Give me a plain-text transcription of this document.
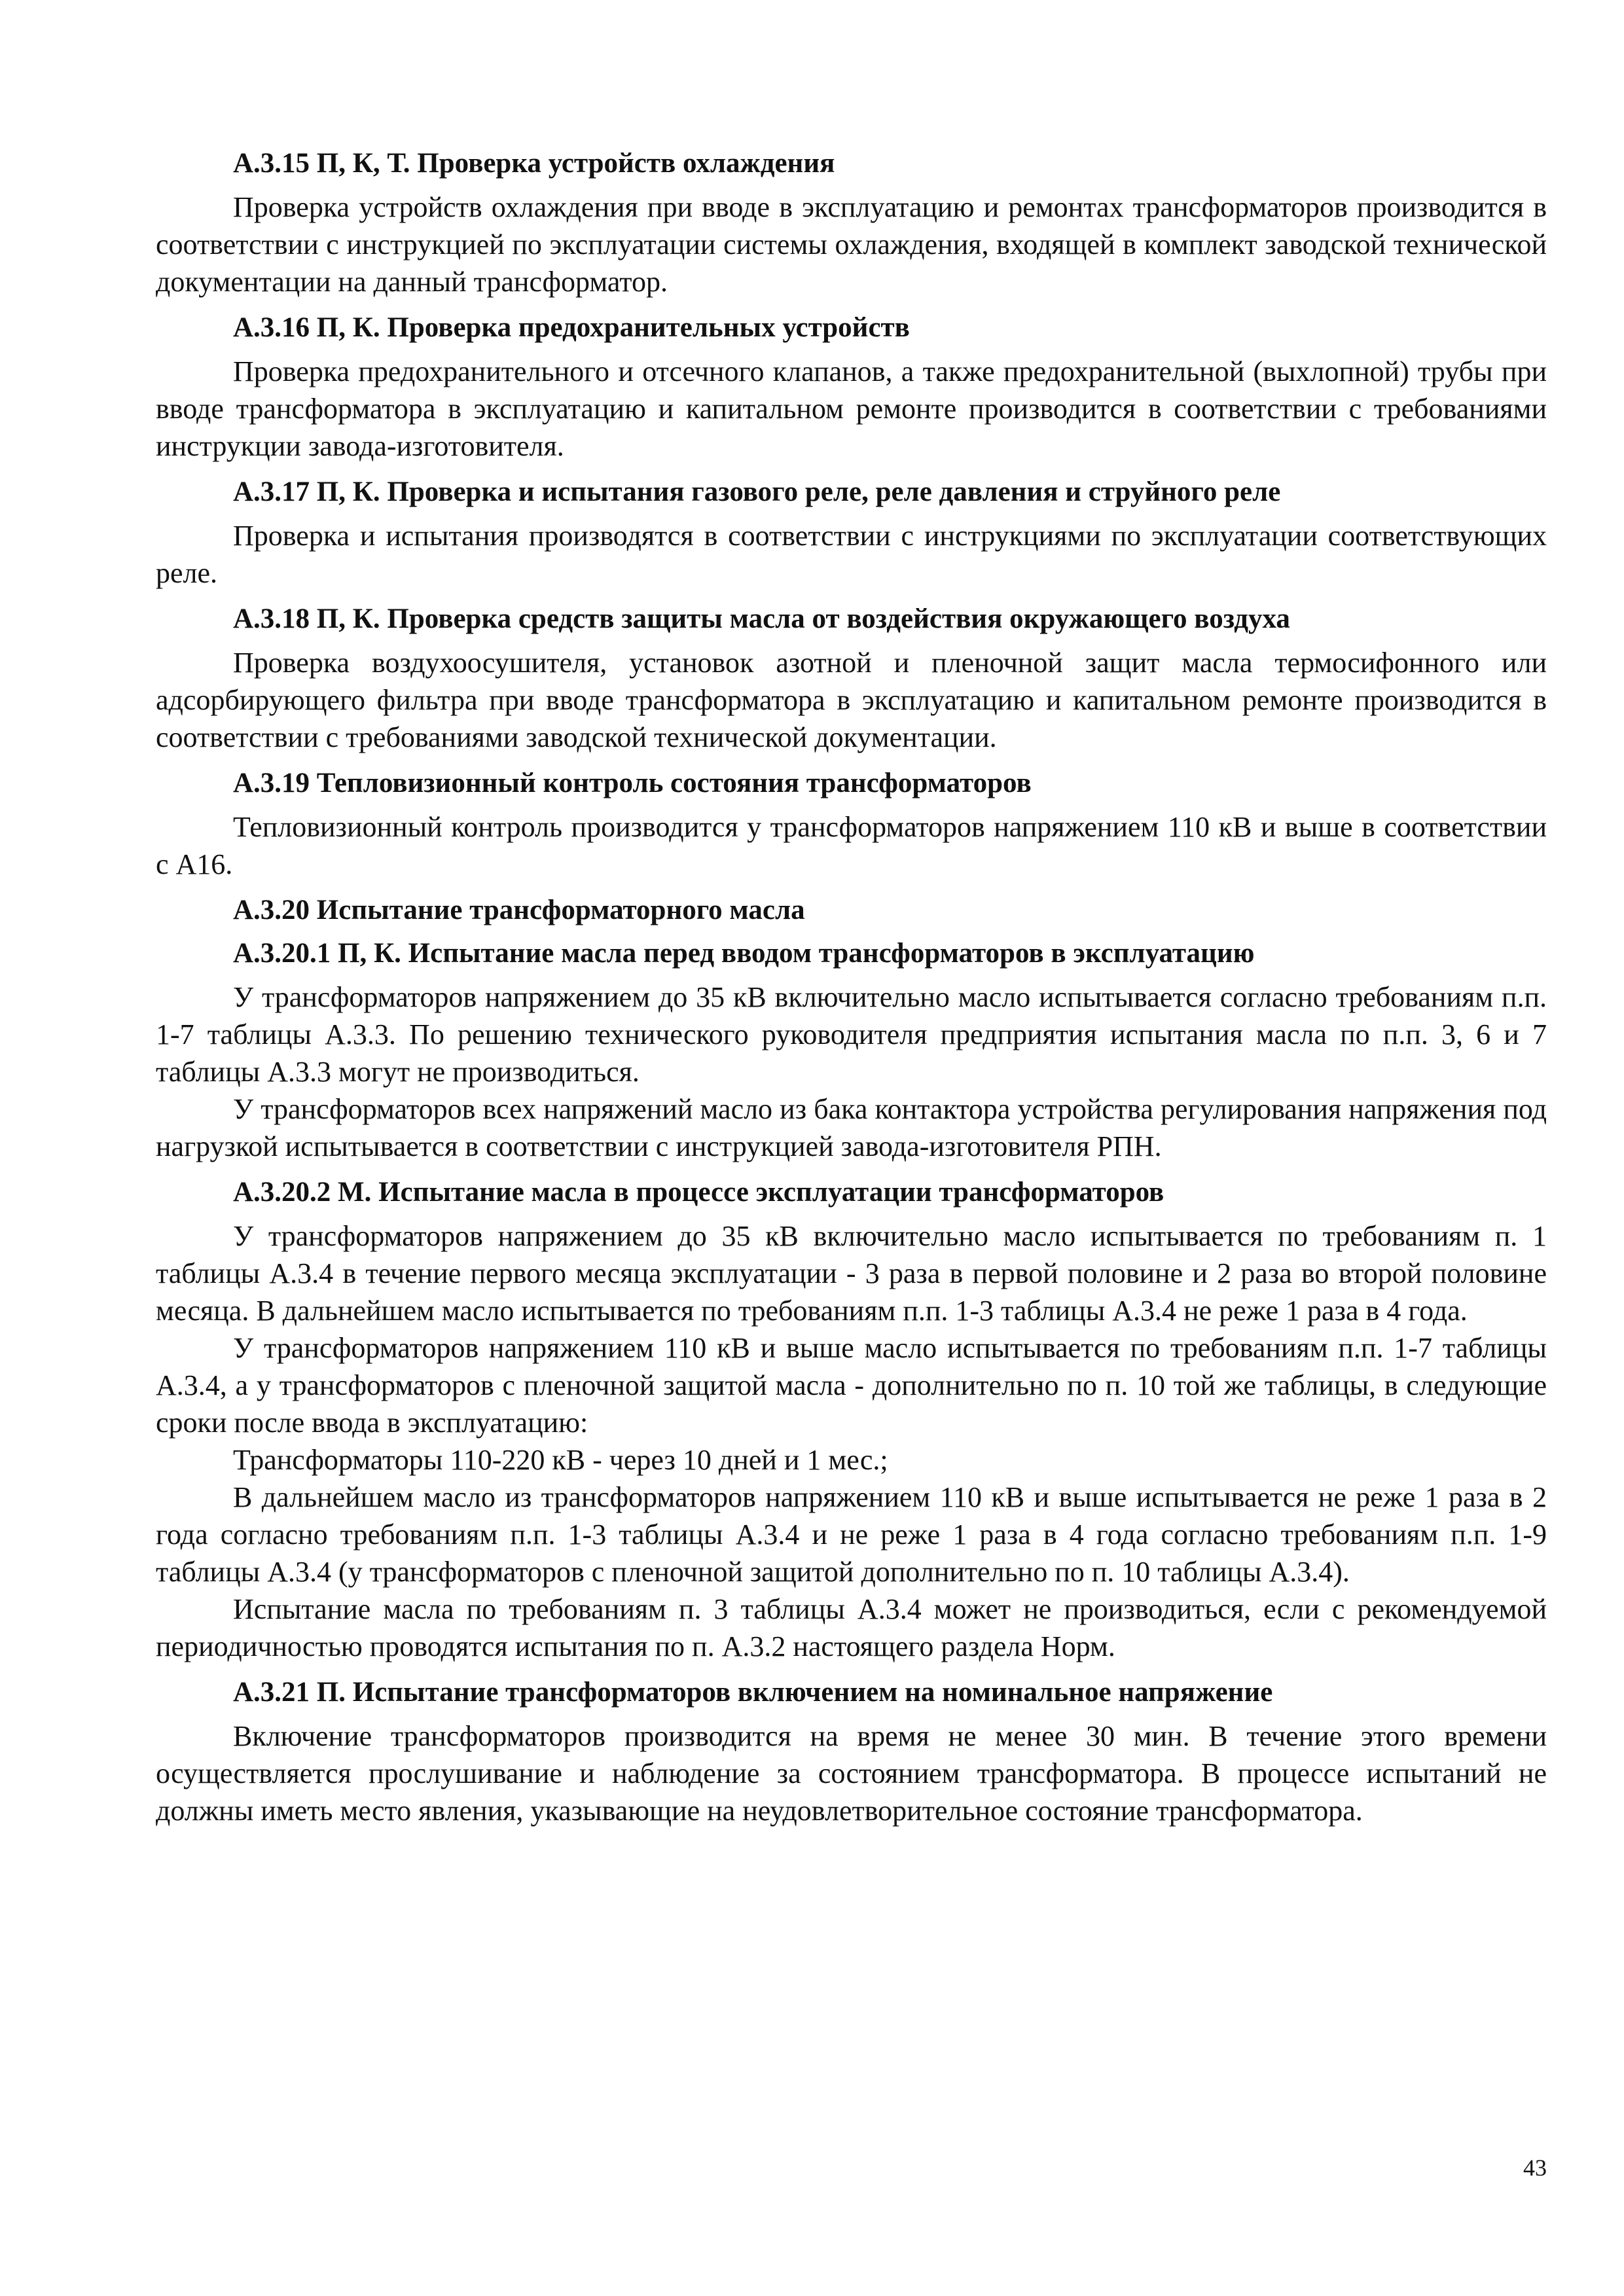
А.3.15 П, К, Т. Проверка устройств охлаждения

Проверка устройств охлаждения при вводе в эксплуатацию и ремонтах трансформаторов производится в соответствии с инструкцией по эксплуатации системы охлаждения, входящей в комплект заводской технической документации на данный трансформатор.

А.3.16 П, К. Проверка предохранительных устройств

Проверка предохранительного и отсечного клапанов, а также предохранительной (выхлопной) трубы при вводе трансформатора в эксплуатацию и капитальном ремонте производится в соответствии с требованиями инструкции завода-изготовителя.

А.3.17 П, К. Проверка и испытания газового реле, реле давления и струйного реле

Проверка и испытания производятся в соответствии с инструкциями по эксплуатации соответствующих реле.

А.3.18 П, К. Проверка средств защиты масла от воздействия окружающего воздуха

Проверка воздухоосушителя, установок азотной и пленочной защит масла термосифонного или адсорбирующего фильтра при вводе трансформатора в эксплуатацию и капитальном ремонте производится в соответствии с требованиями заводской технической документации.

А.3.19 Тепловизионный контроль состояния трансформаторов

Тепловизионный контроль производится у трансформаторов напряжением 110 кВ и выше в соответствии с А16.

А.3.20 Испытание трансформаторного масла

А.3.20.1 П, К. Испытание масла перед вводом трансформаторов в эксплуатацию

У трансформаторов напряжением до 35 кВ включительно масло испытывается согласно требованиям п.п. 1-7 таблицы А.3.3. По решению технического руководителя предприятия испытания масла по п.п. 3, 6 и 7 таблицы А.3.3 могут не производиться.

У трансформаторов всех напряжений масло из бака контактора устройства регулирования напряжения под нагрузкой испытывается в соответствии с инструкцией завода-изготовителя РПН.

А.3.20.2 М. Испытание масла в процессе эксплуатации трансформаторов

У трансформаторов напряжением до 35 кВ включительно масло испытывается по требованиям п. 1 таблицы А.3.4 в течение первого месяца эксплуатации - 3 раза в первой половине и 2 раза во второй половине месяца. В дальнейшем масло испытывается по требованиям п.п. 1-3 таблицы А.3.4 не реже 1 раза в 4 года.

У трансформаторов напряжением 110 кВ и выше масло испытывается по требованиям п.п. 1-7 таблицы А.3.4, а у трансформаторов с пленочной защитой масла - дополнительно по п. 10 той же таблицы, в следующие сроки после ввода в эксплуатацию:

Трансформаторы 110-220 кВ - через 10 дней и 1 мес.;

В дальнейшем масло из трансформаторов напряжением 110 кВ и выше испытывается не реже 1 раза в 2 года согласно требованиям п.п. 1-3 таблицы А.3.4 и не реже 1 раза в 4 года согласно требованиям п.п. 1-9 таблицы А.3.4 (у трансформаторов с пленочной защитой дополнительно по п. 10 таблицы А.3.4).

Испытание масла по требованиям п. 3 таблицы А.3.4 может не производиться, если с рекомендуемой периодичностью проводятся испытания по п. А.3.2 настоящего раздела Норм.

А.3.21 П. Испытание трансформаторов включением на номинальное напряжение

Включение трансформаторов производится на время не менее 30 мин. В течение этого времени осуществляется прослушивание и наблюдение за состоянием трансформатора. В процессе испытаний не должны иметь место явления, указывающие на неудовлетворительное состояние трансформатора.

43
